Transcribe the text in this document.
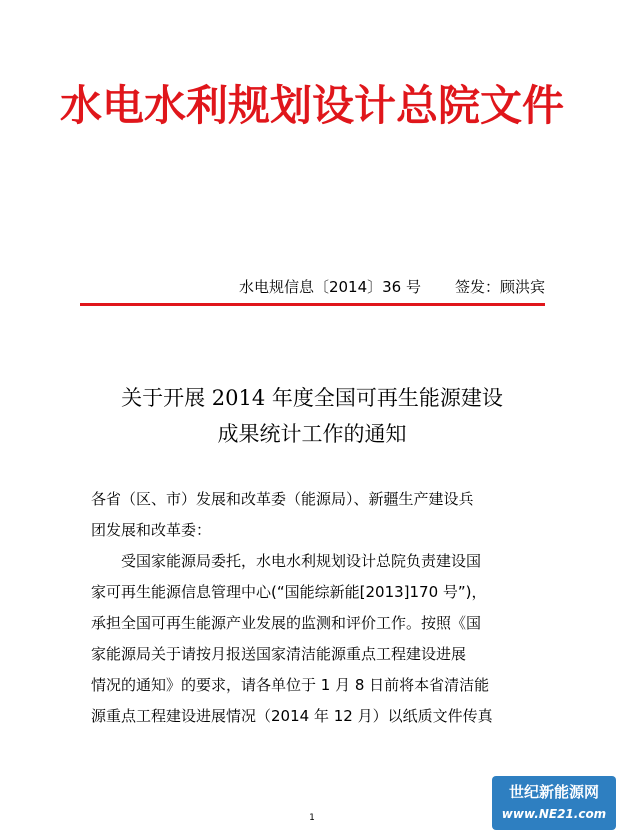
水电水利规划设计总院文件
水电规信息〔2014〕36 号 签发：顾洪宾
关于开展 2014 年度全国可再生能源建设
成果统计工作的通知
各省（区、市）发展和改革委（能源局）、新疆生产建设兵
团发展和改革委：
受国家能源局委托，水电水利规划设计总院负责建设国
家可再生能源信息管理中心(“国能综新能[2013]170 号”)，
承担全国可再生能源产业发展的监测和评价工作。按照《国
家能源局关于请按月报送国家清洁能源重点工程建设进展
情况的通知》的要求，请各单位于 1 月 8 日前将本省清洁能
源重点工程建设进展情况（2014 年 12 月）以纸质文件传真
1
世纪新能源网
www.NE21.com
